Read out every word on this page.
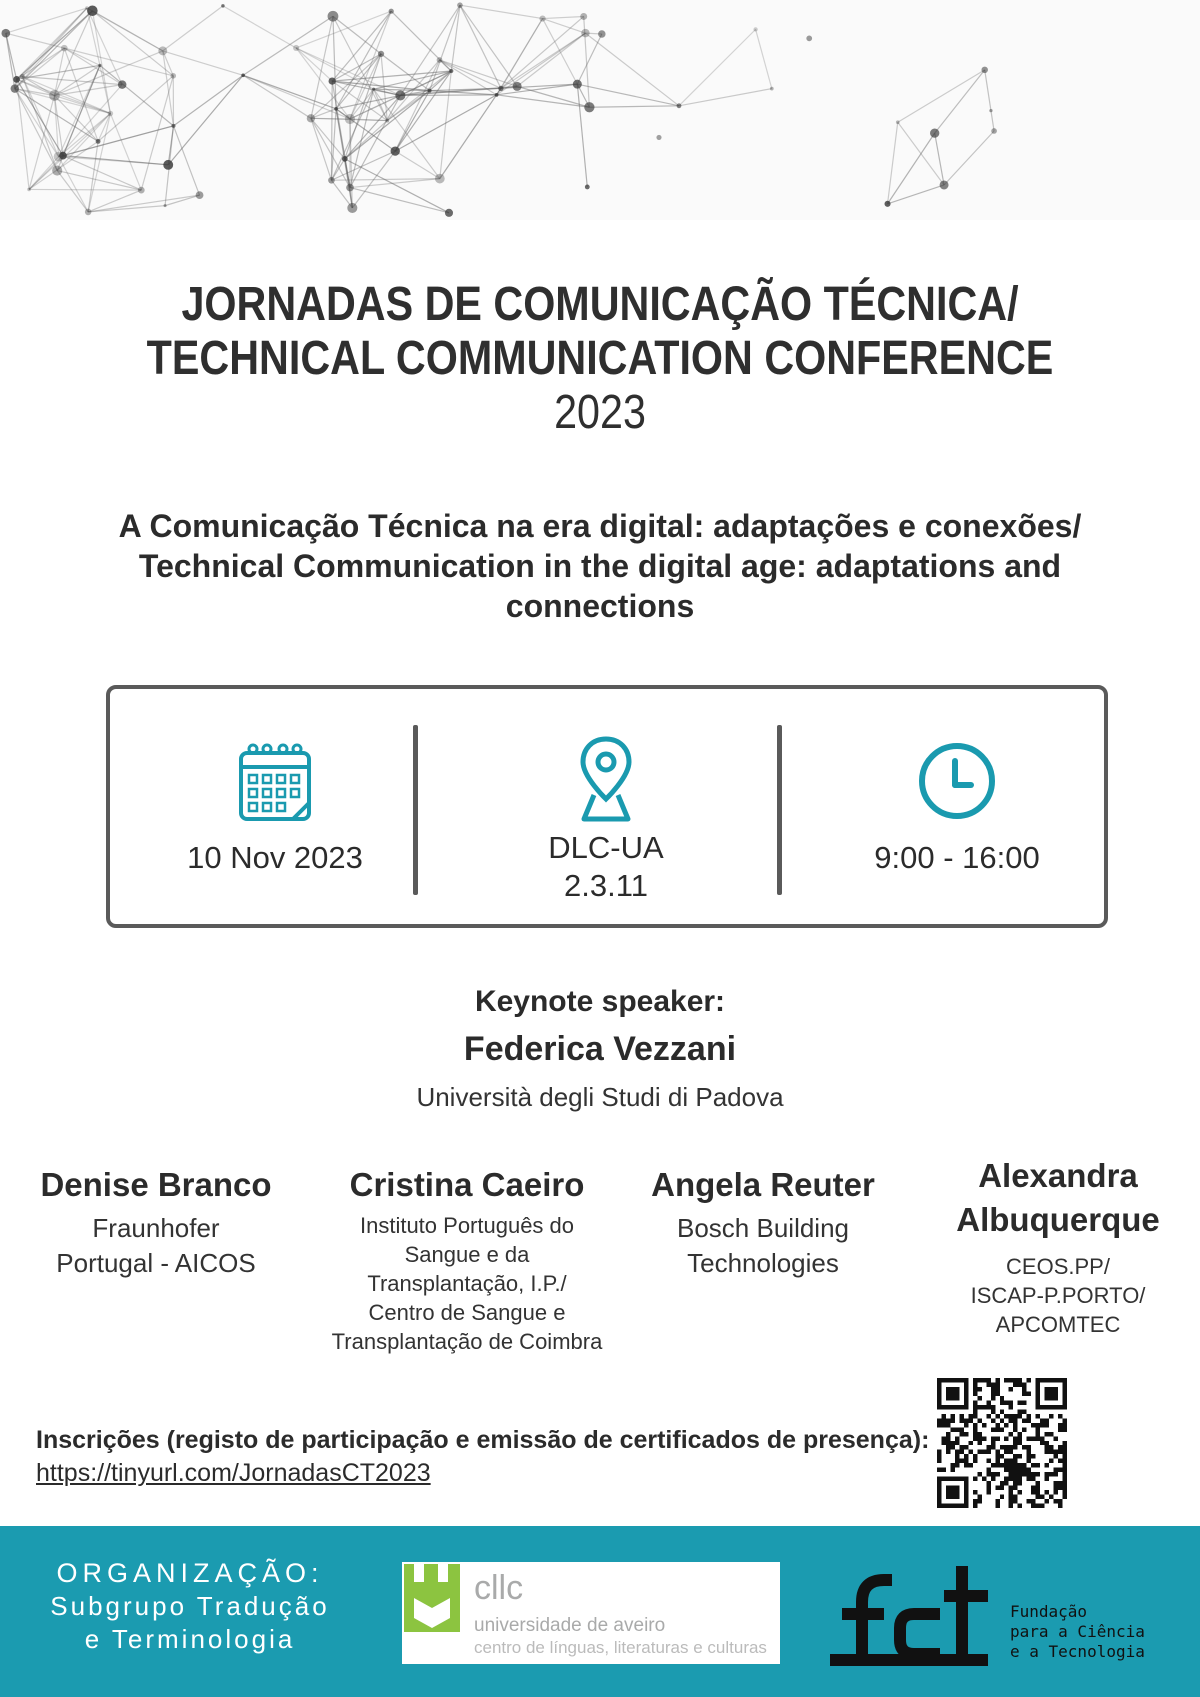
JORNADAS DE COMUNICAÇÃO TÉCNICA/
TECHNICAL COMMUNICATION CONFERENCE
2023
A Comunicação Técnica na era digital: adaptações e conexões/
Technical Communication in the digital age: adaptations and
connections
10 Nov 2023	DLC-UA
2.3.11
9:00 - 16:00
Keynote speaker:
Federica Vezzani
Università degli Studi di Padova
Denise Branco
Fraunhofer
Portugal - AICOS
Cristina Caeiro
Instituto Português do
Sangue e da
Transplantação, I.P./
Centro de Sangue e
Transplantação de Coimbra
Angela Reuter
Bosch Building
Technologies
Alexandra
Albuquerque
CEOS.PP/
ISCAP-P.PORTO/
APCOMTEC
Inscrições (registo de participação e emissão de certificados de presença):
https://tinyurl.com/JornadasCT2023
ORGANIZAÇÃO:
Subgrupo Tradução
e Terminologia
cllc
universidade de aveiro
centro de línguas, literaturas e culturas
Fundação
para a Ciência
e a Tecnologia
